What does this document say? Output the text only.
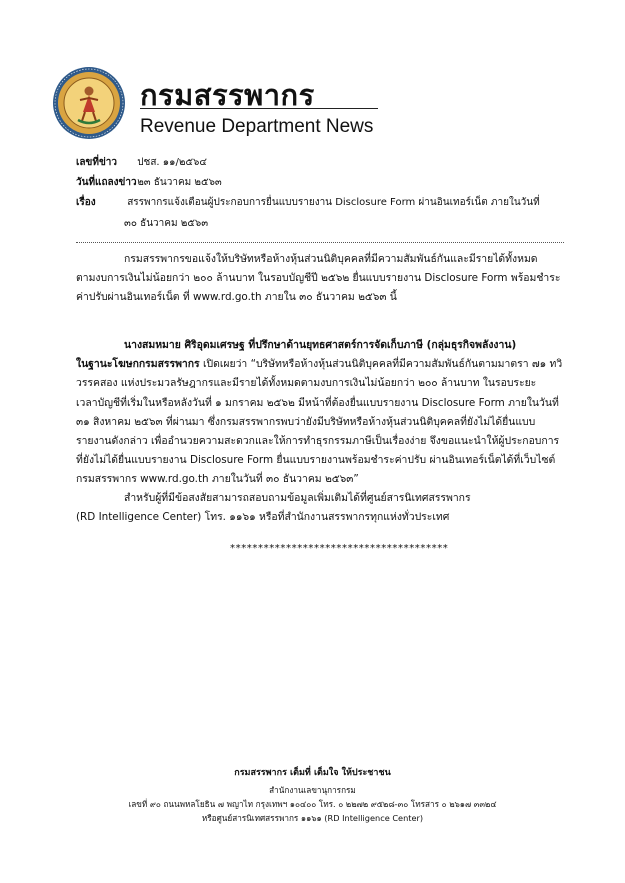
กรมสรรพากร
Revenue Department News
เลขที่ข่าว ปชส. ๑๑/๒๕๖๔
วันที่แถลงข่าว ๒๓ ธันวาคม ๒๕๖๓
เรื่อง	สรรพากรแจ้งเตือนผู้ประกอบการยื่นแบบรายงาน Disclosure Form ผ่านอินเทอร์เน็ต ภายในวันที่
๓๐ ธันวาคม ๒๕๖๓

กรมสรรพากรขอแจ้งให้บริษัทหรือห้างหุ้นส่วนนิติบุคคลที่มีความสัมพันธ์กันและมีรายได้ทั้งหมด

ตามงบการเงินไม่น้อยกว่า ๒๐๐ ล้านบาท ในรอบบัญชีปี ๒๕๖๒ ยื่นแบบรายงาน Disclosure Form พร้อมชำระ

ค่าปรับผ่านอินเทอร์เน็ต ที่ www.rd.go.th ภายใน ๓๐ ธันวาคม ๒๕๖๓ นี้

นางสมหมาย ศิริอุดมเศรษฐ ที่ปรึกษาด้านยุทธศาสตร์การจัดเก็บภาษี (กลุ่มธุรกิจพลังงาน)

ในฐานะโฆษกกรมสรรพากร เปิดเผยว่า “บริษัทหรือห้างหุ้นส่วนนิติบุคคลที่มีความสัมพันธ์กันตามมาตรา ๗๑ ทวิ

วรรคสอง แห่งประมวลรัษฎากรและมีรายได้ทั้งหมดตามงบการเงินไม่น้อยกว่า ๒๐๐ ล้านบาท ในรอบระยะ

เวลาบัญชีที่เริ่มในหรือหลังวันที่ ๑ มกราคม ๒๕๖๒ มีหน้าที่ต้องยื่นแบบรายงาน Disclosure Form ภายในวันที่

๓๑ สิงหาคม ๒๕๖๓ ที่ผ่านมา ซึ่งกรมสรรพากรพบว่ายังมีบริษัทหรือห้างหุ้นส่วนนิติบุคคลที่ยังไม่ได้ยื่นแบบ

รายงานดังกล่าว เพื่ออำนวยความสะดวกและให้การทำธุรกรรมภาษีเป็นเรื่องง่าย จึงขอแนะนำให้ผู้ประกอบการ

ที่ยังไม่ได้ยื่นแบบรายงาน Disclosure Form ยื่นแบบรายงานพร้อมชำระค่าปรับ ผ่านอินเทอร์เน็ตได้ที่เว็บไซต์

กรมสรรพากร www.rd.go.th ภายในวันที่ ๓๐ ธันวาคม ๒๕๖๓”

สำหรับผู้ที่มีข้อสงสัยสามารถสอบถามข้อมูลเพิ่มเติมได้ที่ศูนย์สารนิเทศสรรพากร

(RD Intelligence Center) โทร. ๑๑๖๑ หรือที่สำนักงานสรรพากรทุกแห่งทั่วประเทศ

***************************************
กรมสรรพากร เต็มที่ เต็มใจ ให้ประชาชน
สำนักงานเลขานุการกรม
เลขที่ ๙๐ ถนนพหลโยธิน ๗ พญาไท กรุงเทพฯ ๑๐๔๐๐ โทร. ๐ ๒๒๗๒ ๙๕๒๘-๓๐ โทรสาร ๐ ๒๖๑๗ ๓๓๒๔
หรือศูนย์สารนิเทศสรรพากร ๑๑๖๑ (RD Intelligence Center)
